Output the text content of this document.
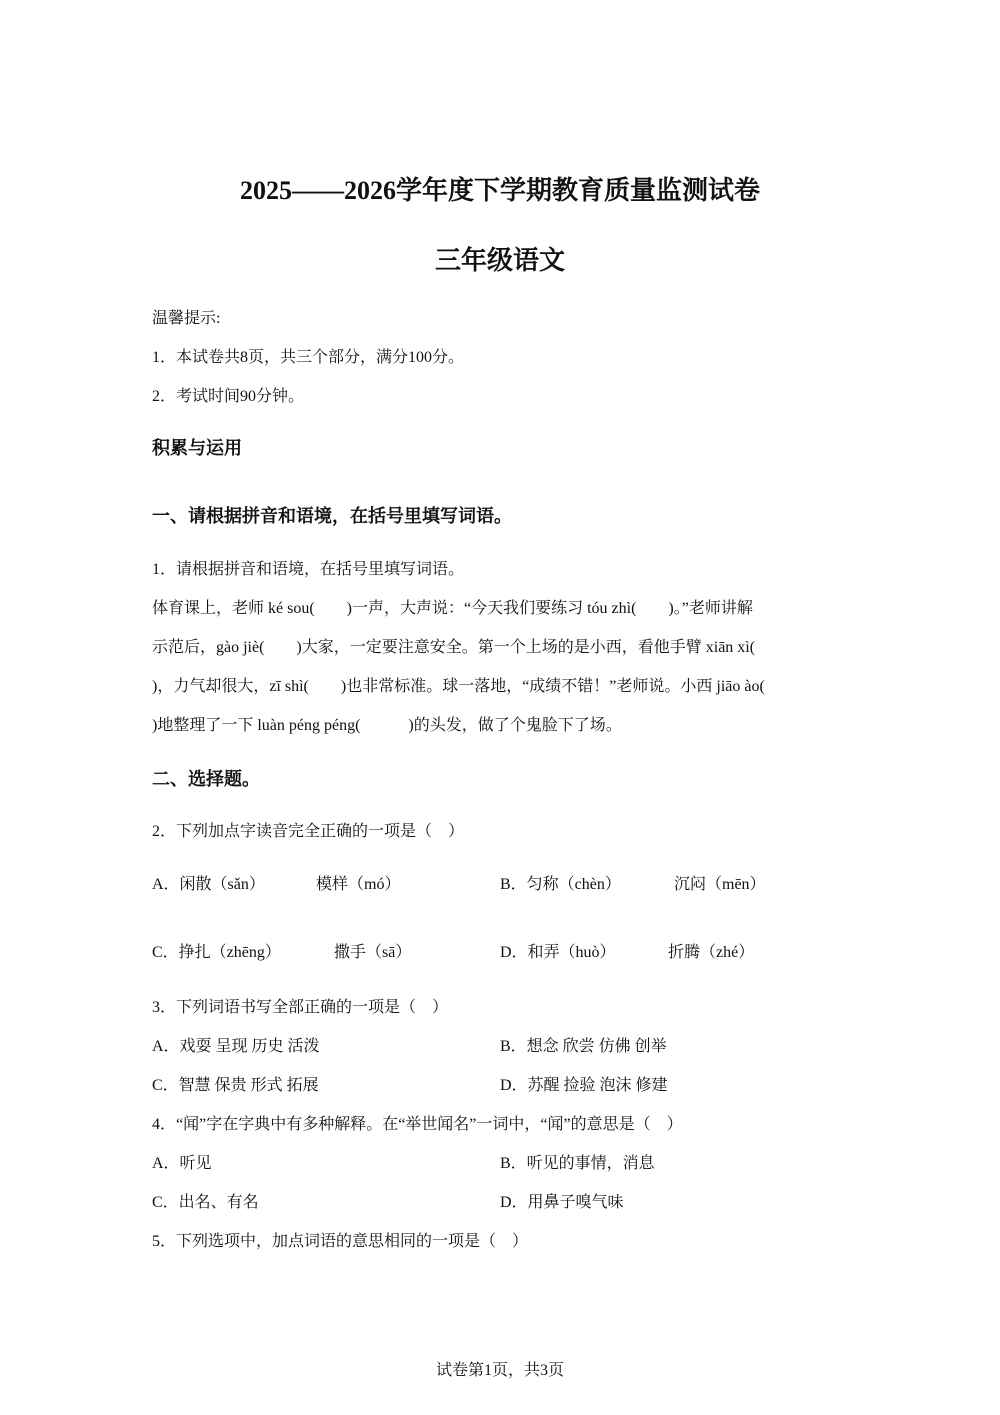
2025——2026学年度下学期教育质量监测试卷
三年级语文
温馨提示:
1．本试卷共8页，共三个部分，满分100分。
2．考试时间90分钟。
积累与运用
一、请根据拼音和语境，在括号里填写词语。
1．请根据拼音和语境，在括号里填写词语。
体育课上，老师 ké sou(　　)一声，大声说：“今天我们要练习 tóu zhì(　　)。”老师讲解
示范后，gào jiè(　　)大家，一定要注意安全。第一个上场的是小西，看他手臂 xiān xì(
)，力气却很大，zī shì(　　)也非常标准。球一落地，“成绩不错！”老师说。小西 jiāo ào(
)地整理了一下 luàn péng péng(　　　)的头发，做了个鬼脸下了场。
二、选择题。
2．下列加点字读音完全正确的一项是（　）
A．闲散（sǎn）	模样（mó）	B．匀称（chèn）	沉闷（mēn）
C．挣扎（zhēng）	撒手（sā）	D．和弄（huò）	折腾（zhé）
3．下列词语书写全部正确的一项是（　）
A．戏耍 呈现 历史 活泼	B．想念 欣尝 仿佛 创举
C．智慧 保贵 形式 拓展	D．苏醒 捡验 泡沫 修建
4．“闻”字在字典中有多种解释。在“举世闻名”一词中，“闻”的意思是（　）
A．听见	B．听见的事情，消息
C．出名、有名	D．用鼻子嗅气味
5．下列选项中，加点词语的意思相同的一项是（　）
试卷第1页，共3页
